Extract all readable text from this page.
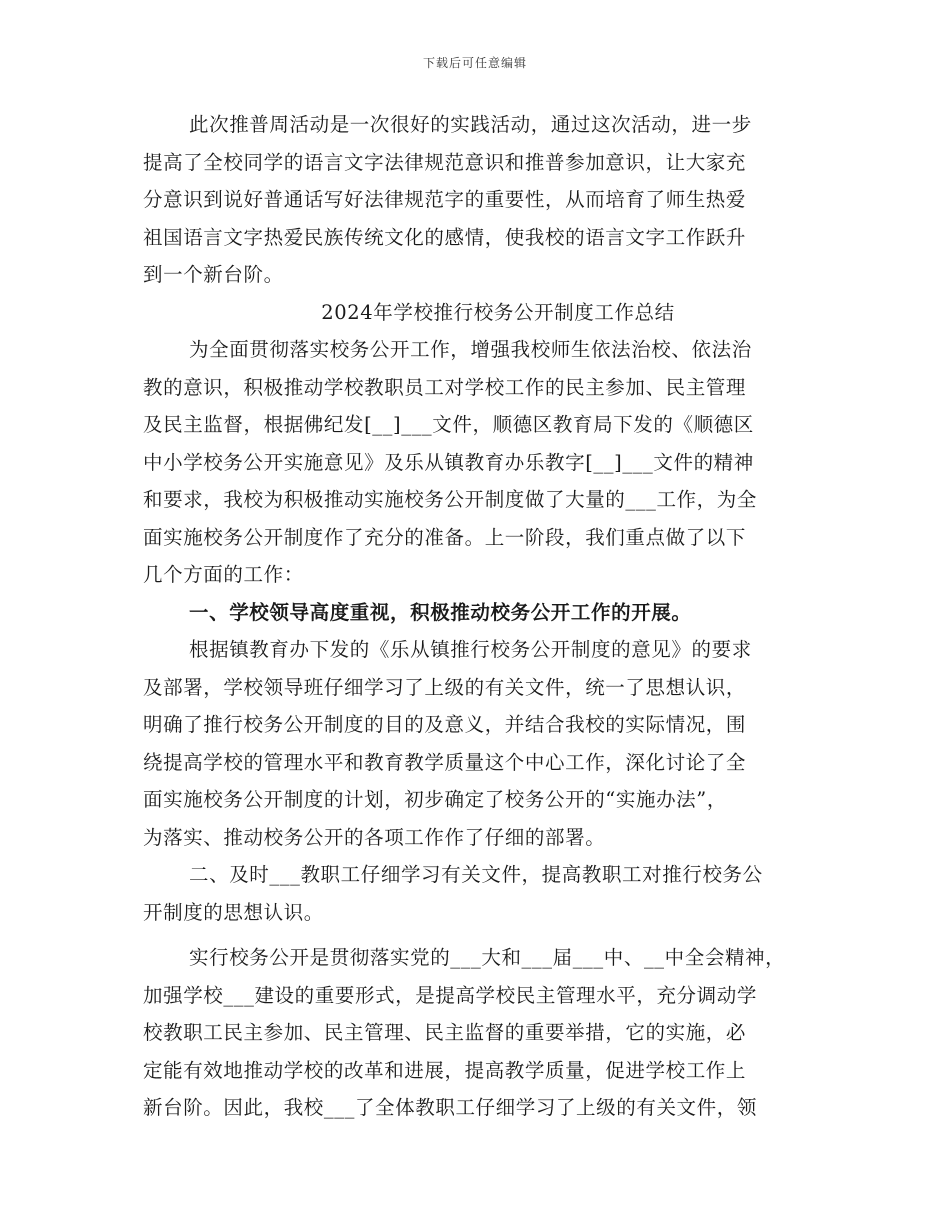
下载后可任意编辑
此次推普周活动是一次很好的实践活动，通过这次活动，进一步
提高了全校同学的语言文字法律规范意识和推普参加意识，让大家充
分意识到说好普通话写好法律规范字的重要性，从而培育了师生热爱
祖国语言文字热爱民族传统文化的感情，使我校的语言文字工作跃升
到一个新台阶。
2024年学校推行校务公开制度工作总结
为全面贯彻落实校务公开工作，增强我校师生依法治校、依法治
教的意识，积极推动学校教职员工对学校工作的民主参加、民主管理
及民主监督，根据佛纪发[__]___文件，顺德区教育局下发的《顺德区
中小学校务公开实施意见》及乐从镇教育办乐教字[__]___文件的精神
和要求，我校为积极推动实施校务公开制度做了大量的___工作，为全
面实施校务公开制度作了充分的准备。上一阶段，我们重点做了以下
几个方面的工作：
一、学校领导高度重视，积极推动校务公开工作的开展。
根据镇教育办下发的《乐从镇推行校务公开制度的意见》的要求
及部署，学校领导班仔细学习了上级的有关文件，统一了思想认识，
明确了推行校务公开制度的目的及意义，并结合我校的实际情况，围
绕提高学校的管理水平和教育教学质量这个中心工作，深化讨论了全
面实施校务公开制度的计划，初步确定了校务公开的“实施办法”，
为落实、推动校务公开的各项工作作了仔细的部署。
二、及时___教职工仔细学习有关文件，提高教职工对推行校务公
开制度的思想认识。
实行校务公开是贯彻落实党的___大和___届___中、__中全会精神，
加强学校___建设的重要形式，是提高学校民主管理水平，充分调动学
校教职工民主参加、民主管理、民主监督的重要举措，它的实施，必
定能有效地推动学校的改革和进展，提高教学质量，促进学校工作上
新台阶。因此，我校___了全体教职工仔细学习了上级的有关文件，领
